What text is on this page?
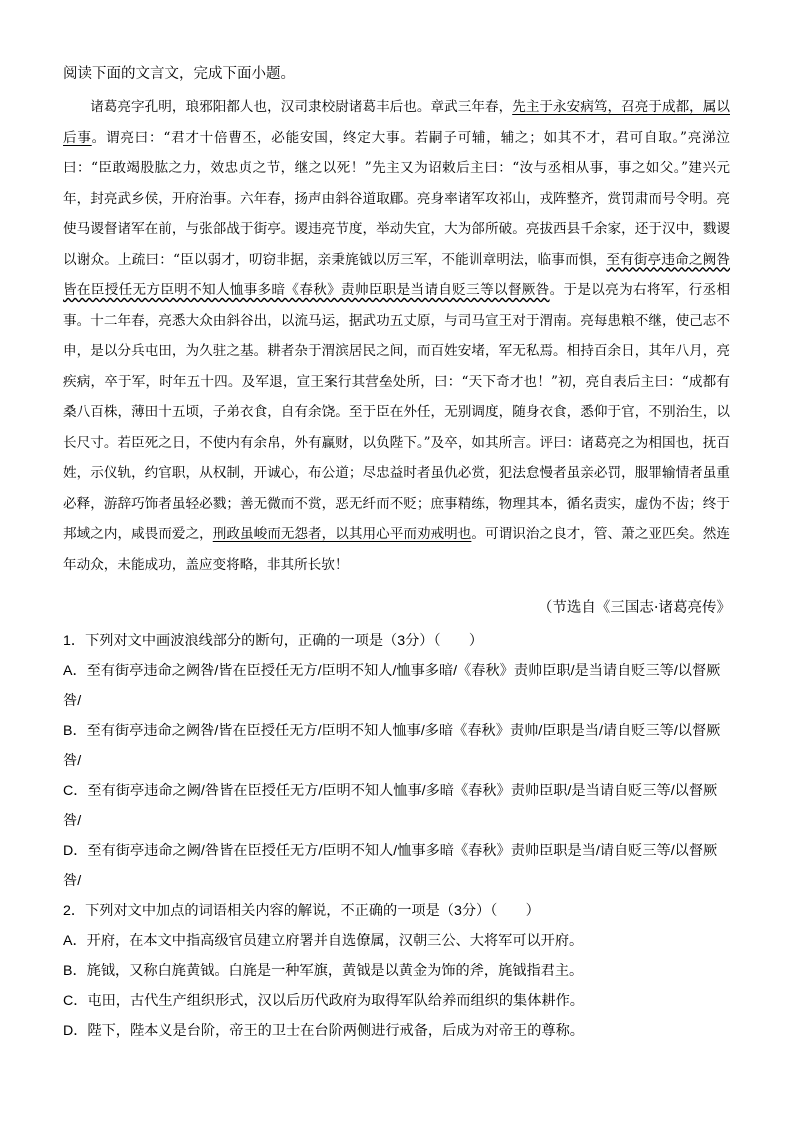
阅读下面的文言文，完成下面小题。

诸葛亮字孔明，琅邪阳都人也，汉司隶校尉诸葛丰后也。章武三年春，先主于永安病笃，召亮于成都，属以后事。谓亮曰：“君才十倍曹丕，必能安国，终定大事。若嗣子可辅，辅之；如其不才，君可自取。”亮涕泣曰：“臣敢竭股肱之力，效忠贞之节，继之以死！”先主又为诏敕后主曰：“汝与丞相从事，事之如父。”建兴元年，封亮武乡侯，开府治事。六年春，扬声由斜谷道取郿。亮身率诸军攻祁山，戎阵整齐，赏罚肃而号令明。亮使马谡督诸军在前，与张郃战于街亭。谡违亮节度，举动失宜，大为郃所破。亮拔西县千余家，还于汉中，戮谡以谢众。上疏曰：“臣以弱才，叨窃非据，亲秉旄钺以厉三军，不能训章明法，临事而惧，至有街亭违命之阙咎皆在臣授任无方臣明不知人恤事多暗《春秋》责帅臣职是当请自贬三等以督厥咎。于是以亮为右将军，行丞相事。十二年春，亮悉大众由斜谷出，以流马运，据武功五丈原，与司马宣王对于渭南。亮每患粮不继，使己志不申，是以分兵屯田，为久驻之基。耕者杂于渭滨居民之间，而百姓安堵，军无私焉。相持百余日，其年八月，亮疾病，卒于军，时年五十四。及军退，宣王案行其营垒处所，曰：“天下奇才也！”初，亮自表后主曰：“成都有桑八百株，薄田十五顷，子弟衣食，自有余饶。至于臣在外任，无别调度，随身衣食，悉仰于官，不别治生，以长尺寸。若臣死之日，不使内有余帛，外有赢财，以负陛下。”及卒，如其所言。评曰：诸葛亮之为相国也，抚百姓，示仪轨，约官职，从权制，开诚心，布公道；尽忠益时者虽仇必赏，犯法怠慢者虽亲必罚，服罪输情者虽重必释，游辞巧饰者虽轻必戮；善无微而不赏，恶无纤而不贬；庶事精练，物理其本，循名责实，虚伪不齿；终于邦域之内，咸畏而爱之，刑政虽峻而无怨者，以其用心平而劝戒明也。可谓识治之良才，管、萧之亚匹矣。然连年动众，未能成功，盖应变将略，非其所长欤！

（节选自《三国志·诸葛亮传》

1．下列对文中画波浪线部分的断句，正确的一项是（3分）（　　）

A．至有街亭违命之阙咎/皆在臣授任无方/臣明不知人/恤事多暗/《春秋》责帅臣职/是当请自贬三等/以督厥咎/

B．至有街亭违命之阙咎/皆在臣授任无方/臣明不知人恤事/多暗《春秋》责帅/臣职是当/请自贬三等/以督厥咎/

C．至有街亭违命之阙/咎皆在臣授任无方/臣明不知人恤事/多暗《春秋》责帅臣职/是当请自贬三等/以督厥咎/

D．至有街亭违命之阙/咎皆在臣授任无方/臣明不知人/恤事多暗《春秋》责帅臣职是当/请自贬三等/以督厥咎/

2．下列对文中加点的词语相关内容的解说，不正确的一项是（3分）（　　）

A．开府，在本文中指高级官员建立府署并自选僚属，汉朝三公、大将军可以开府。

B．旄钺，又称白旄黄钺。白旄是一种军旗，黄钺是以黄金为饰的斧，旄钺指君主。

C．屯田，古代生产组织形式，汉以后历代政府为取得军队给养而组织的集体耕作。

D．陛下，陛本义是台阶，帝王的卫士在台阶两侧进行戒备，后成为对帝王的尊称。
